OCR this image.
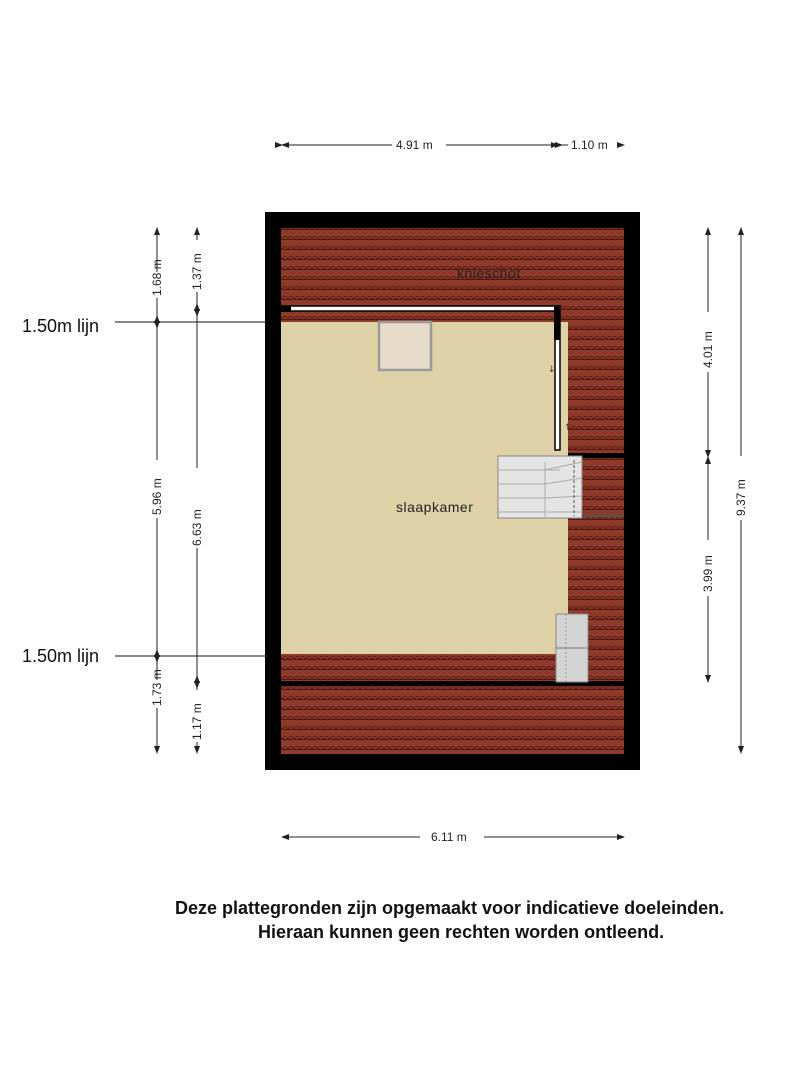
↓
↑
knieschot
slaapkamer
1.50m lijn
1.50m lijn
4.91 m	1.10 m
6.11 m
1.68 m
5.96 m
1.73 m
1.37 m
6.63 m
1.17 m
4.01 m
3.99 m
9.37 m
Deze plattegronden zijn opgemaakt voor indicatieve doeleinden.
Hieraan kunnen geen rechten worden ontleend.
